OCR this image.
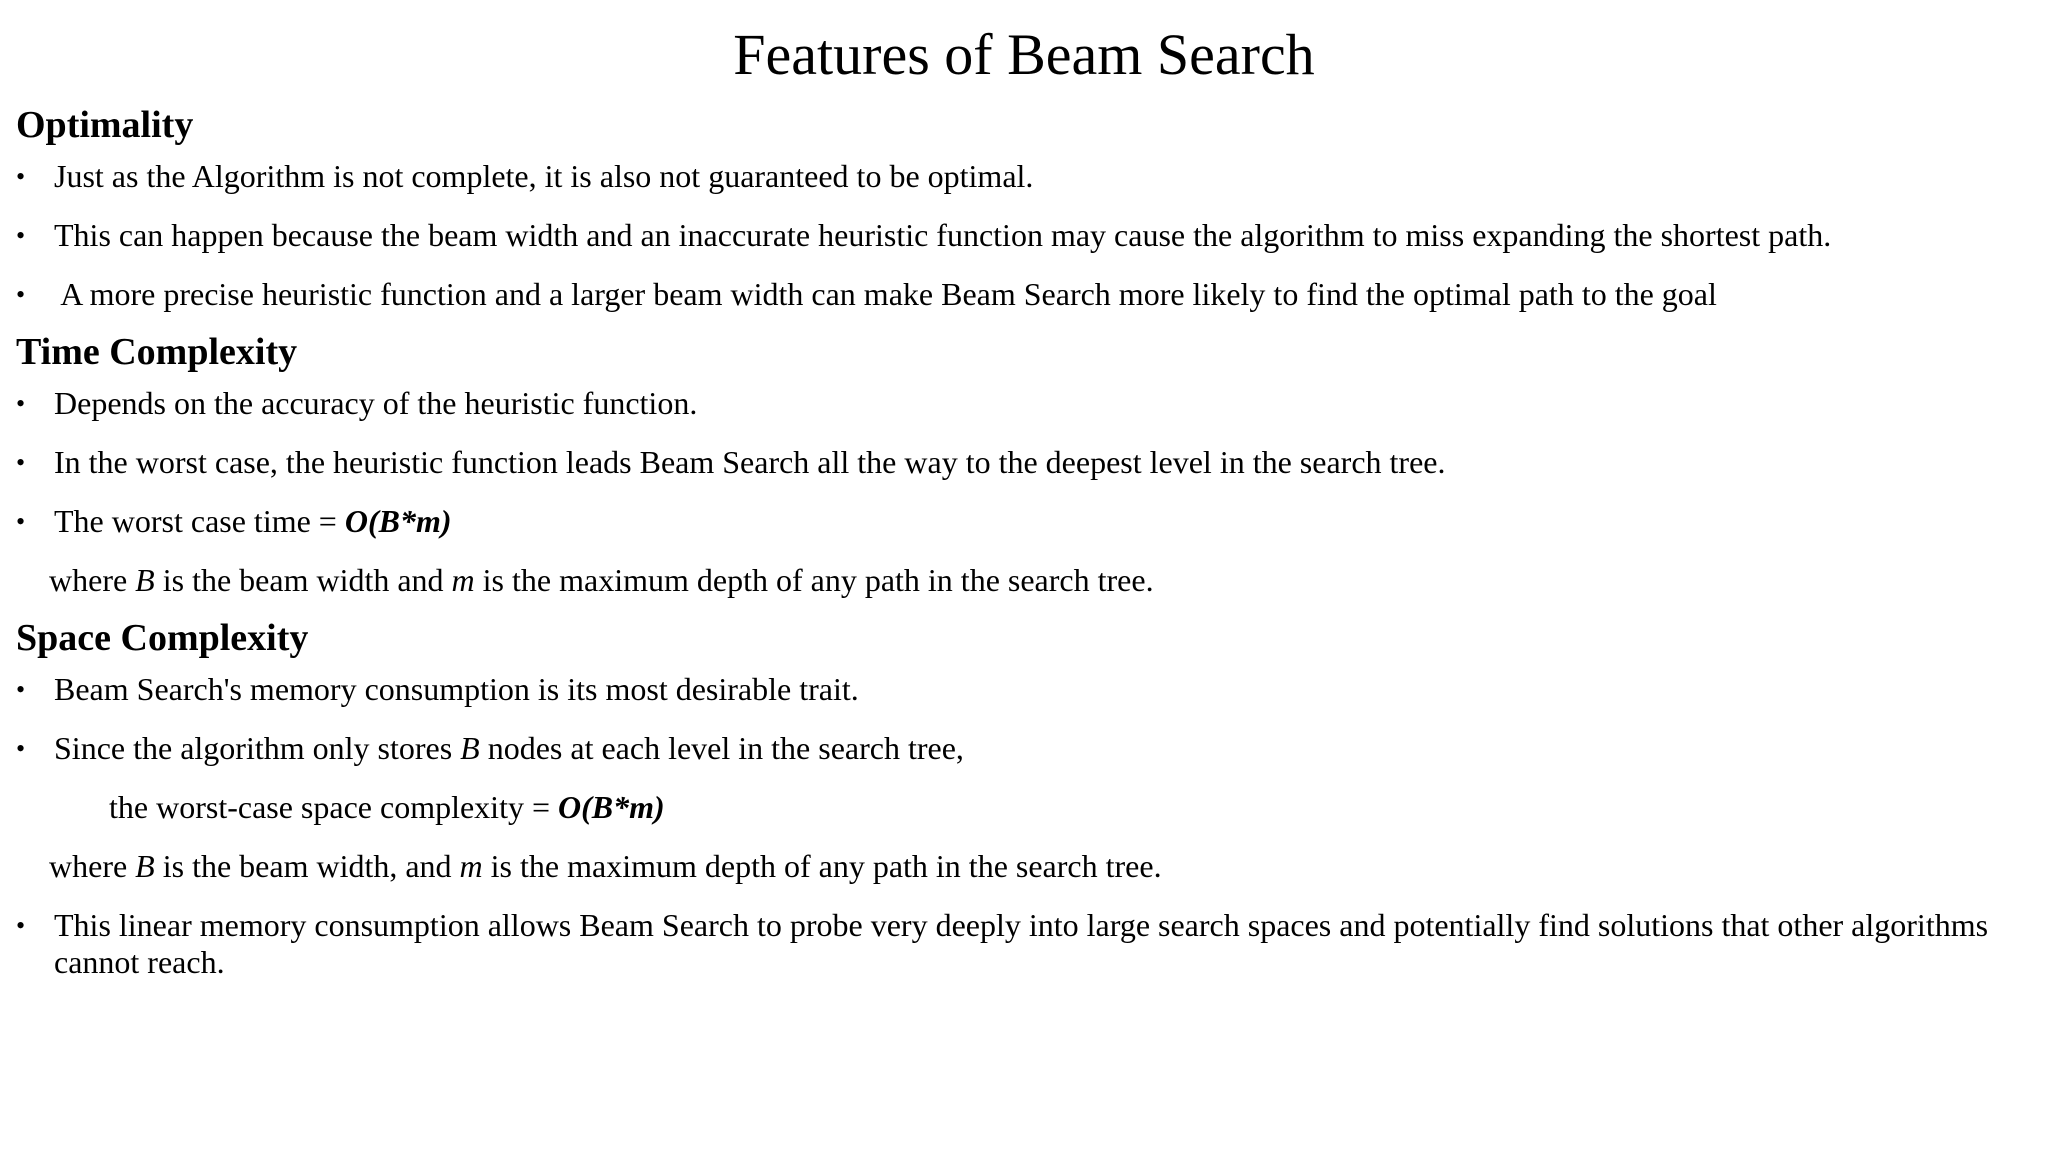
Features of Beam Search
Optimality
• Just as the Algorithm is not complete, it is also not guaranteed to be optimal.
• This can happen because the beam width and an inaccurate heuristic function may cause the algorithm to miss expanding the shortest path.
• A more precise heuristic function and a larger beam width can make Beam Search more likely to find the optimal path to the goal
Time Complexity
• Depends on the accuracy of the heuristic function.
• In the worst case, the heuristic function leads Beam Search all the way to the deepest level in the search tree.
• The worst case time = O(B*m)
where B is the beam width and m is the maximum depth of any path in the search tree.
Space Complexity
• Beam Search's memory consumption is its most desirable trait.
• Since the algorithm only stores B nodes at each level in the search tree,
the worst-case space complexity = O(B*m)
where B is the beam width, and m is the maximum depth of any path in the search tree.
• This linear memory consumption allows Beam Search to probe very deeply into large search spaces and potentially find solutions that other algorithms cannot reach.
